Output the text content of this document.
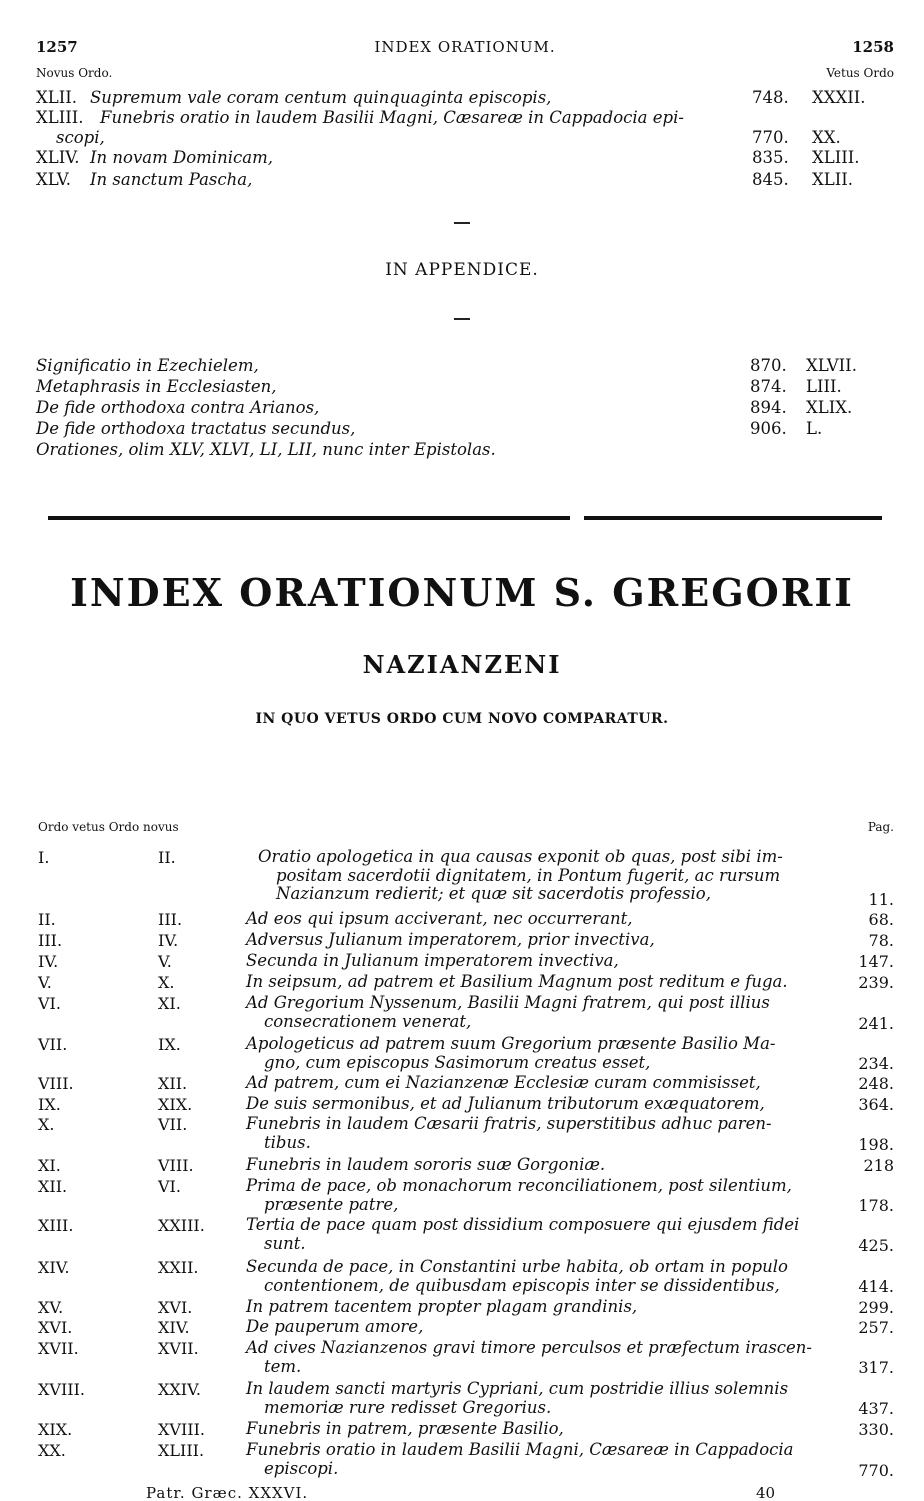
1257	INDEX ORATIONUM.	1258
Novus Ordo.	Vetus Ordo
XLII. Supremum vale coram centum quinquaginta episcopis,	748. XXXII.
XLIII. Funebris oratio in laudem Basilii Magni, Cæsareæ in Cappadocia epi-
scopi,	770. XX.
XLIV. In novam Dominicam,	835. XLIII.
XLV. In sanctum Pascha,	845. XLII.
IN APPENDICE.
Significatio in Ezechielem,	870. XLVII.
Metaphrasis in Ecclesiasten,	874. LIII.
De fide orthodoxa contra Arianos,	894. XLIX.
De fide orthodoxa tractatus secundus,	906. L.
Orationes, olim XLV, XLVI, LI, LII, nunc inter Epistolas.
INDEX ORATIONUM S. GREGORII
NAZIANZENI
IN QUO VETUS ORDO CUM NOVO COMPARATUR.
Ordo vetus Ordo novus	Pag.
I.	II.	Oratio apologetica in qua causas exponit ob quas, post sibi im-
positam sacerdotii dignitatem, in Pontum fugerit, ac rursum
Nazianzum redierit; et quæ sit sacerdotis professio,	11.
II.	III.	Ad eos qui ipsum acciverant, nec occurrerant,	68.
III.	IV.	Adversus Julianum imperatorem, prior invectiva,	78.
IV.	V.	Secunda in Julianum imperatorem invectiva,	147.
V.	X.	In seipsum, ad patrem et Basilium Magnum post reditum e fuga.	239.
VI.	XI.	Ad Gregorium Nyssenum, Basilii Magni fratrem, qui post illius
consecrationem venerat,	241.
VII.	IX.	Apologeticus ad patrem suum Gregorium præsente Basilio Ma-
gno, cum episcopus Sasimorum creatus esset,	234.
VIII.	XII.	Ad patrem, cum ei Nazianzenæ Ecclesiæ curam commisisset,	248.
IX.	XIX.	De suis sermonibus, et ad Julianum tributorum exæquatorem,	364.
X.	VII.	Funebris in laudem Cæsarii fratris, superstitibus adhuc paren-
tibus.	198.
XI.	VIII.	Funebris in laudem sororis suæ Gorgoniæ.	218
XII.	VI.	Prima de pace, ob monachorum reconciliationem, post silentium,
præsente patre,	178.
XIII.	XXIII. Tertia de pace quam post dissidium composuere qui ejusdem fidei
sunt.	425.
XIV.	XXII.	Secunda de pace, in Constantini urbe habita, ob ortam in populo
contentionem, de quibusdam episcopis inter se dissidentibus,	414.
XV.	XVI.	In patrem tacentem propter plagam grandinis,	299.
XVI.	XIV.	De pauperum amore,	257.
XVII.	XVII.	Ad cives Nazianzenos gravi timore perculsos et præfectum irascen-
tem.	317.
XVIII.	XXIV.	In laudem sancti martyris Cypriani, cum postridie illius solemnis
memoriæ rure redisset Gregorius.	437.
XIX.	XVIII. Funebris in patrem, præsente Basilio,	330.
XX.	XLIII.	Funebris oratio in laudem Basilii Magni, Cæsareæ in Cappadocia
episcopi.	770.
Patr. Græc. XXXVI.	40
